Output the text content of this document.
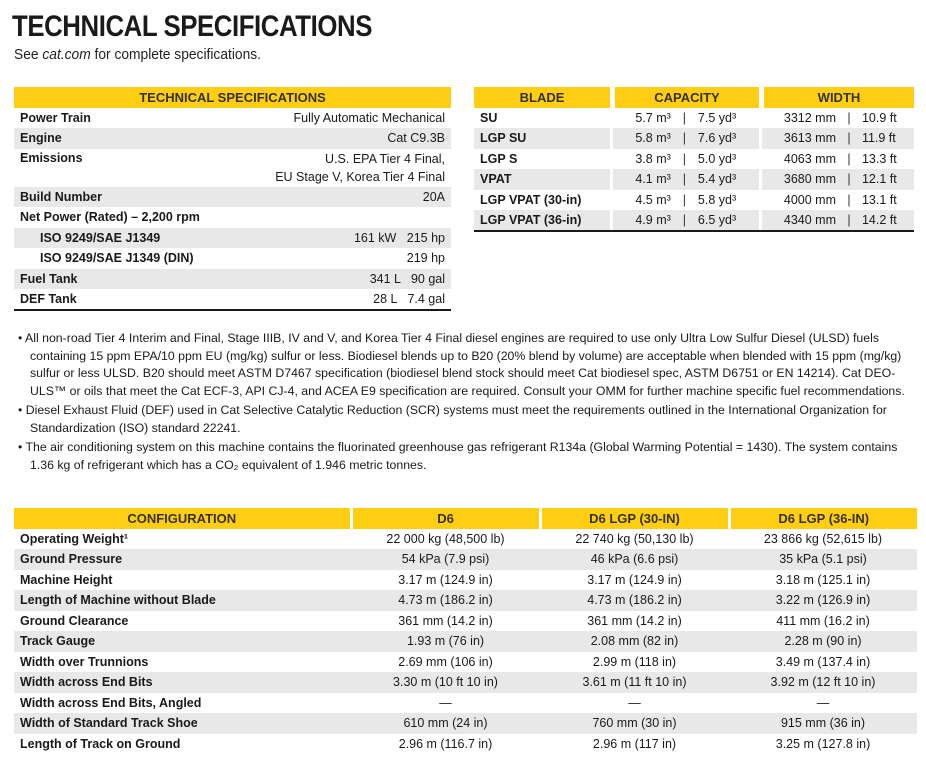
TECHNICAL SPECIFICATIONS
See cat.com for complete specifications.
TECHNICAL SPECIFICATIONS	
Power Train	Fully Automatic Mechanical
Engine	Cat C9.3B
Emissions	U.S. EPA Tier 4 Final,
EU Stage V, Korea Tier 4 Final

Build Number	20A
Net Power (Rated) – 2,200 rpm	
ISO 9249/SAE J1349	161 kW   215 hp
ISO 9249/SAE J1349 (DIN)	219 hp
Fuel Tank	341 L   90 gal
DEF Tank	28 L   7.4 gal
BLADE		CAPACITY				WIDTH		
SU		5.7 m³	|	7.5 yd³		3312 mm	|	10.9 ft
LGP SU		5.8 m³	|	7.6 yd³		3613 mm	|	11.9 ft
LGP S		3.8 m³	|	5.0 yd³		4063 mm	|	13.3 ft
VPAT		4.1 m³	|	5.4 yd³		3680 mm	|	12.1 ft
LGP VPAT (30-in)		4.5 m³	|	5.8 yd³		4000 mm	|	13.1 ft
LGP VPAT (36-in)		4.9 m³	|	6.5 yd³		4340 mm	|	14.2 ft
• All non-road Tier 4 Interim and Final, Stage IIIB, IV and V, and Korea Tier 4 Final diesel engines are required to use only Ultra Low Sulfur Diesel (ULSD) fuels containing 15 ppm EPA/10 ppm EU (mg/kg) sulfur or less. Biodiesel blends up to B20 (20% blend by volume) are acceptable when blended with 15 ppm (mg/kg) sulfur or less ULSD. B20 should meet ASTM D7467 specification (biodiesel blend stock should meet Cat biodiesel spec, ASTM D6751 or EN 14214). Cat DEO-ULS™ or oils that meet the Cat ECF-3, API CJ-4, and ACEA E9 specification are required. Consult your OMM for further machine specific fuel recommendations.
• Diesel Exhaust Fluid (DEF) used in Cat Selective Catalytic Reduction (SCR) systems must meet the requirements outlined in the International Organization for Standardization (ISO) standard 22241.
• The air conditioning system on this machine contains the fluorinated greenhouse gas refrigerant R134a (Global Warming Potential = 1430). The system contains 1.36 kg of refrigerant which has a CO₂ equivalent of 1.946 metric tonnes.
CONFIGURATION	D6	D6 LGP (30-IN)	D6 LGP (36-IN)
Operating Weight¹	22 000 kg (48,500 lb)	22 740 kg (50,130 lb)	23 866 kg (52,615 lb)
Ground Pressure	54 kPa (7.9 psi)	46 kPa (6.6 psi)	35 kPa (5.1 psi)
Machine Height	3.17 m (124.9 in)	3.17 m (124.9 in)	3.18 m (125.1 in)
Length of Machine without Blade	4.73 m (186.2 in)	4.73 m (186.2 in)	3.22 m (126.9 in)
Ground Clearance	361 mm (14.2 in)	361 mm (14.2 in)	411 mm (16.2 in)
Track Gauge	1.93 m (76 in)	2.08 mm (82 in)	2.28 m (90 in)
Width over Trunnions	2.69 mm (106 in)	2.99 m (118 in)	3.49 m (137.4 in)
Width across End Bits	3.30 m (10 ft 10 in)	3.61 m (11 ft 10 in)	3.92 m (12 ft 10 in)
Width across End Bits, Angled	—	—	—
Width of Standard Track Shoe	610 mm (24 in)	760 mm (30 in)	915 mm (36 in)
Length of Track on Ground	2.96 m (116.7 in)	2.96 m (117 in)	3.25 m (127.8 in)
